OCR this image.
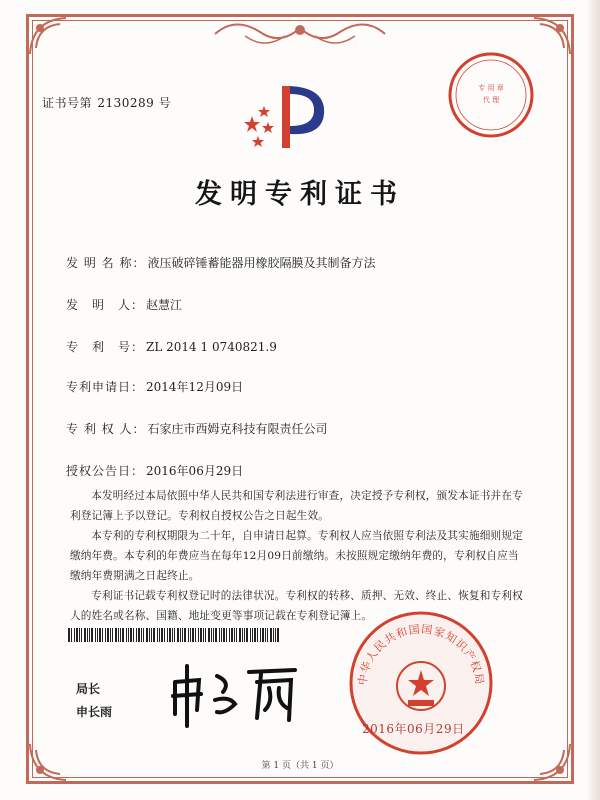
证书号第 2130289 号
专 用 章
代 理
发明专利证书
发 明 名 称： 液压破碎锤蓄能器用橡胶隔膜及其制备方法
发　明　人： 赵慧江
专　利　号： ZL 2014 1 0740821.9
专利申请日： 2014年12月09日
专 利 权 人： 石家庄市西姆克科技有限责任公司
授权公告日： 2016年06月29日

本发明经过本局依照中华人民共和国专利法进行审查，决定授予专利权，颁发本证书并在专利登记簿上予以登记。专利权自授权公告之日起生效。

本专利的专利权期限为二十年，自申请日起算。专利权人应当依照专利法及其实施细则规定缴纳年费。本专利的年费应当在每年12月09日前缴纳。未按照规定缴纳年费的，专利权自应当缴纳年费期满之日起终止。

专利证书记载专利权登记时的法律状况。专利权的转移、质押、无效、终止、恢复和专利权人的姓名或名称、国籍、地址变更等事项记载在专利登记簿上。

局长
申长雨
中华人民共和国国家知识产权局
2016年06月29日
第 1 页（共 1 页）
